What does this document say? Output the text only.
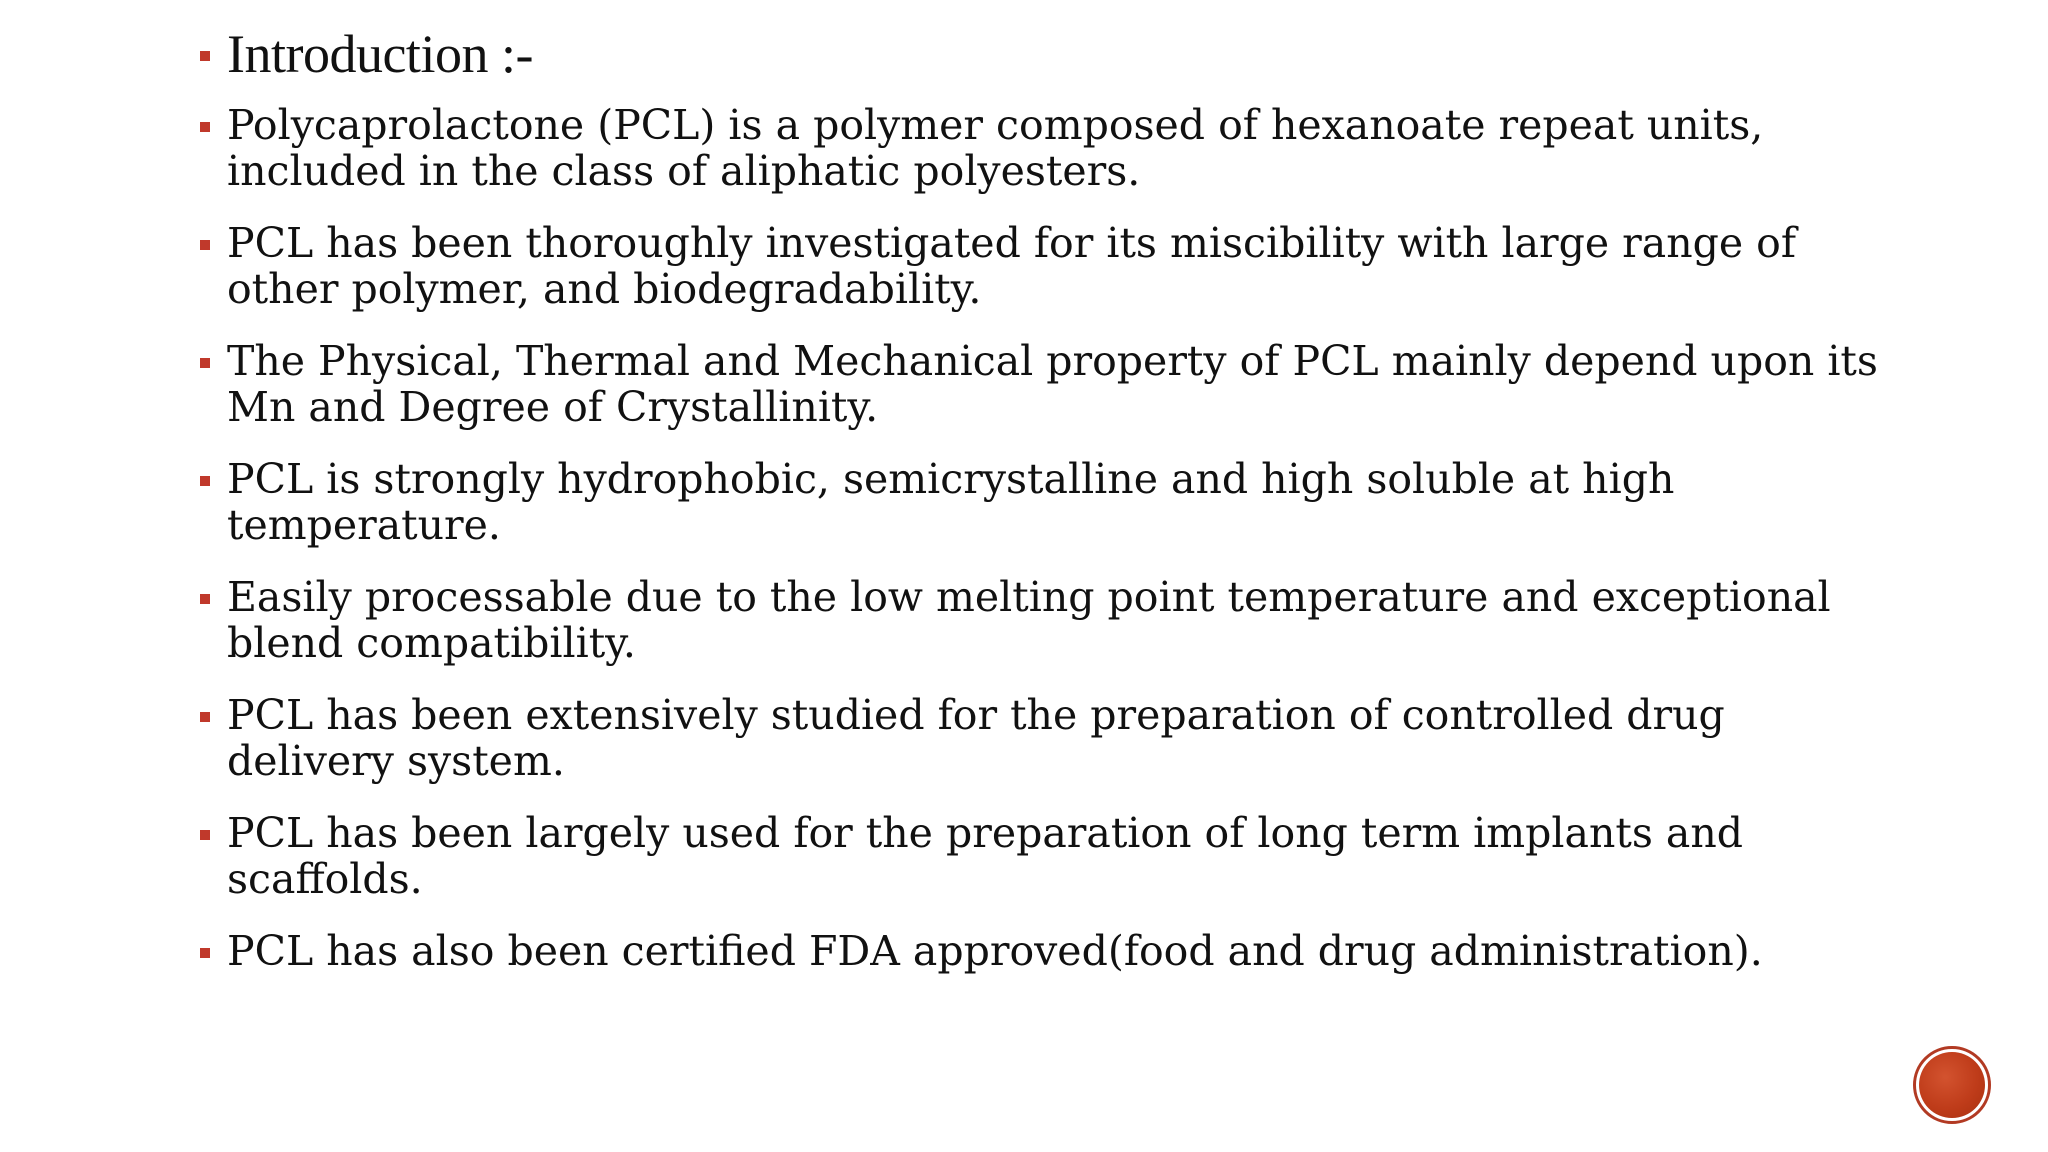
Introduction :-
Polycaprolactone (PCL) is a polymer composed of hexanoate repeat units, included in the class of aliphatic polyesters.
PCL has been thoroughly investigated for its miscibility with large range of other polymer, and biodegradability.
The Physical, Thermal and Mechanical property of PCL mainly depend upon its Mn and Degree of Crystallinity.
PCL is strongly hydrophobic, semicrystalline and high soluble at high temperature.
Easily processable due to the low melting point temperature and exceptional blend compatibility.
PCL has been extensively studied for the preparation of controlled drug delivery system.
PCL has been largely used for the preparation of long term implants and scaffolds.
PCL has also been certified FDA approved(food and drug administration).
